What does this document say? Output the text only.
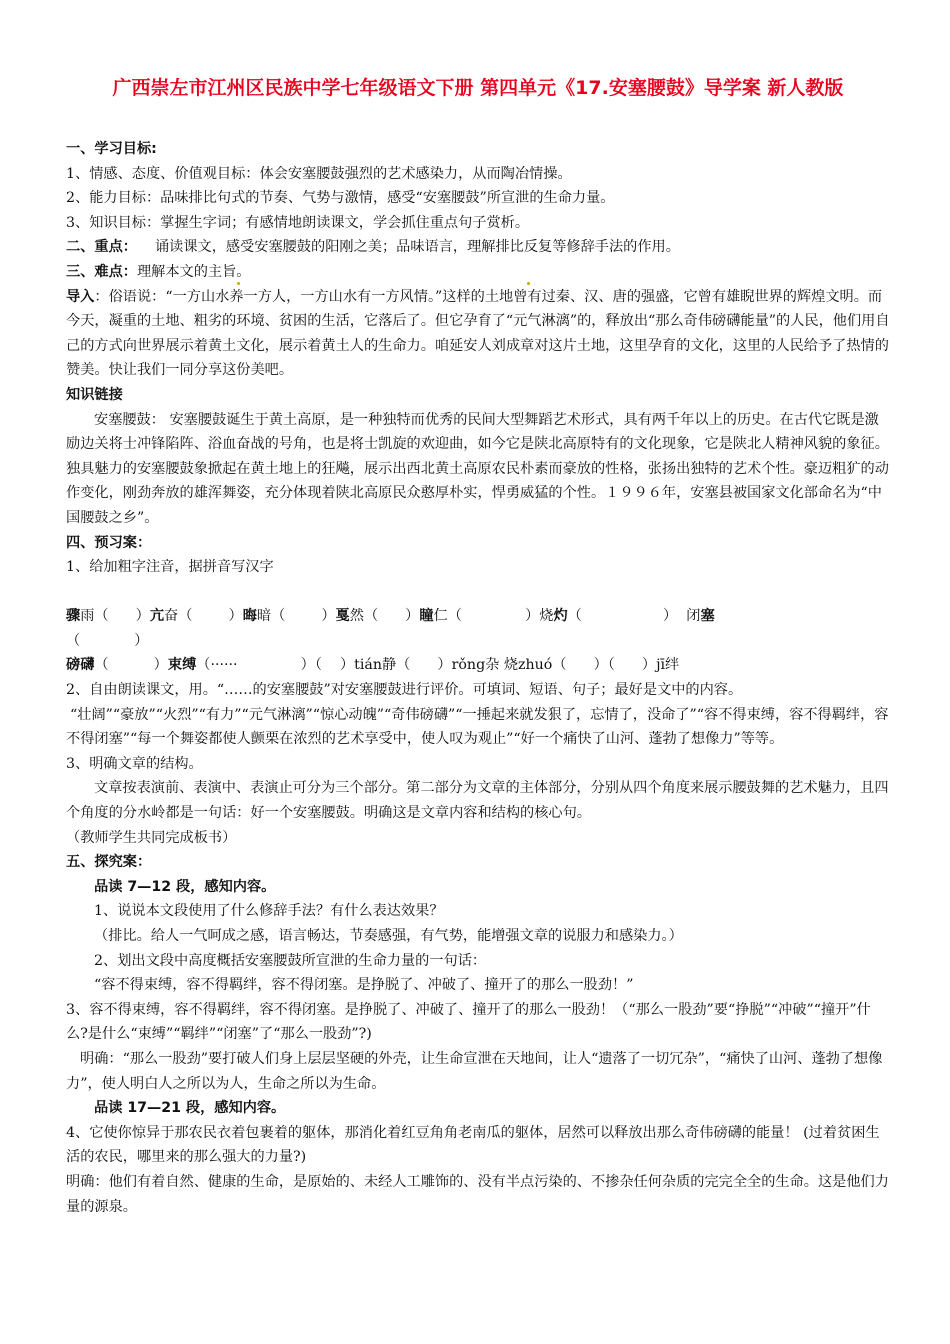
广西崇左市江州区民族中学七年级语文下册 第四单元《17.安塞腰鼓》导学案 新人教版

一、学习目标:

1、情感、态度、价值观目标：体会安塞腰鼓强烈的艺术感染力，从而陶冶情操。

2、能力目标：品味排比句式的节奏、气势与激情，感受“安塞腰鼓”所宣泄的生命力量。

3、知识目标：掌握生字词；有感情地朗读课文，学会抓住重点句子赏析。

二、重点：    诵读课文，感受安塞腰鼓的阳刚之美；品味语言，理解排比反复等修辞手法的作用。

三、难点：理解本文的主旨。

导入：俗语说：“一方山水养一方人，一方山水有一方风情。”这样的土地曾有过秦、汉、唐的强盛，它曾有雄睨世界的辉煌文明。而今天，凝重的土地、粗劣的环境、贫困的生活，它落后了。但它孕育了“元气淋漓”的，释放出“那么奇伟磅礴能量”的人民，他们用自己的方式向世界展示着黄土文化，展示着黄土人的生命力。咱延安人刘成章对这片土地，这里孕育的文化，这里的人民给予了热情的赞美。快让我们一同分享这份美吧。

知识链接

安塞腰鼓： 安塞腰鼓诞生于黄土高原，是一种独特而优秀的民间大型舞蹈艺术形式，具有两千年以上的历史。在古代它既是激励边关将士冲锋陷阵、浴血奋战的号角，也是将士凯旋的欢迎曲，如今它是陕北高原特有的文化现象，它是陕北人精神风貌的象征。独具魅力的安塞腰鼓象掀起在黄土地上的狂飚，展示出西北黄土高原农民朴素而豪放的性格，张扬出独特的艺术个性。豪迈粗犷的动作变化，刚劲奔放的雄浑舞姿，充分体现着陕北高原民众憨厚朴实，悍勇威猛的个性。１９９６年，安塞县被国家文化部命名为“中国腰鼓之乡”。

四、预习案：

1、给加粗字注音，据拼音写汉字

骤雨（      ）亢奋（        ）晦暗（        ）戛然（      ）瞳仁（              ）烧灼（                  ）  闭塞

（            ）

磅礴（          ）束缚（······              ）（    ）tián静（      ）rǒng杂 烧zhuó（      ）（      ）jī绊

2、自由朗读课文，用。“……的安塞腰鼓”对安塞腰鼓进行评价。可填词、短语、句子；最好是文中的内容。

“壮阔”“豪放”“火烈”“有力”“元气淋漓”“惊心动魄”“奇伟磅礴”“一捶起来就发狠了，忘情了，没命了”“容不得束缚，容不得羁绊，容不得闭塞”“每一个舞姿都使人颤栗在浓烈的艺术享受中，使人叹为观止”“好一个痛快了山河、蓬勃了想像力”等等。

3、明确文章的结构。

文章按表演前、表演中、表演止可分为三个部分。第二部分为文章的主体部分，分别从四个角度来展示腰鼓舞的艺术魅力，且四个角度的分水岭都是一句话：好一个安塞腰鼓。明确这是文章内容和结构的核心句。

（教师学生共同完成板书）

五、探究案：

品读 7—12 段，感知内容。

1、说说本文段使用了什么修辞手法？有什么表达效果？

（排比。给人一气呵成之感，语言畅达，节奏感强，有气势，能增强文章的说服力和感染力。）

2、划出文段中高度概括安塞腰鼓所宣泄的生命力量的一句话：

“容不得束缚，容不得羁绊，容不得闭塞。是挣脱了、冲破了、撞开了的那么一股劲！”

3、容不得束缚，容不得羁绊，容不得闭塞。是挣脱了、冲破了、撞开了的那么一股劲！（“那么一股劲”要“挣脱”“冲破”“撞开”什么?是什么“束缚”“羁绊”“闭塞”了“那么一股劲”?)

明确：“那么一股劲”要打破人们身上层层坚硬的外壳，让生命宣泄在天地间，让人“遗落了一切冗杂”，“痛快了山河、蓬勃了想像力”，使人明白人之所以为人，生命之所以为生命。

品读 17—21 段，感知内容。

4、它使你惊异于那农民衣着包裹着的躯体，那消化着红豆角角老南瓜的躯体，居然可以释放出那么奇伟磅礴的能量！ (过着贫困生活的农民，哪里来的那么强大的力量?)

明确：他们有着自然、健康的生命，是原始的、未经人工雕饰的、没有半点污染的、不掺杂任何杂质的完完全全的生命。这是他们力量的源泉。
